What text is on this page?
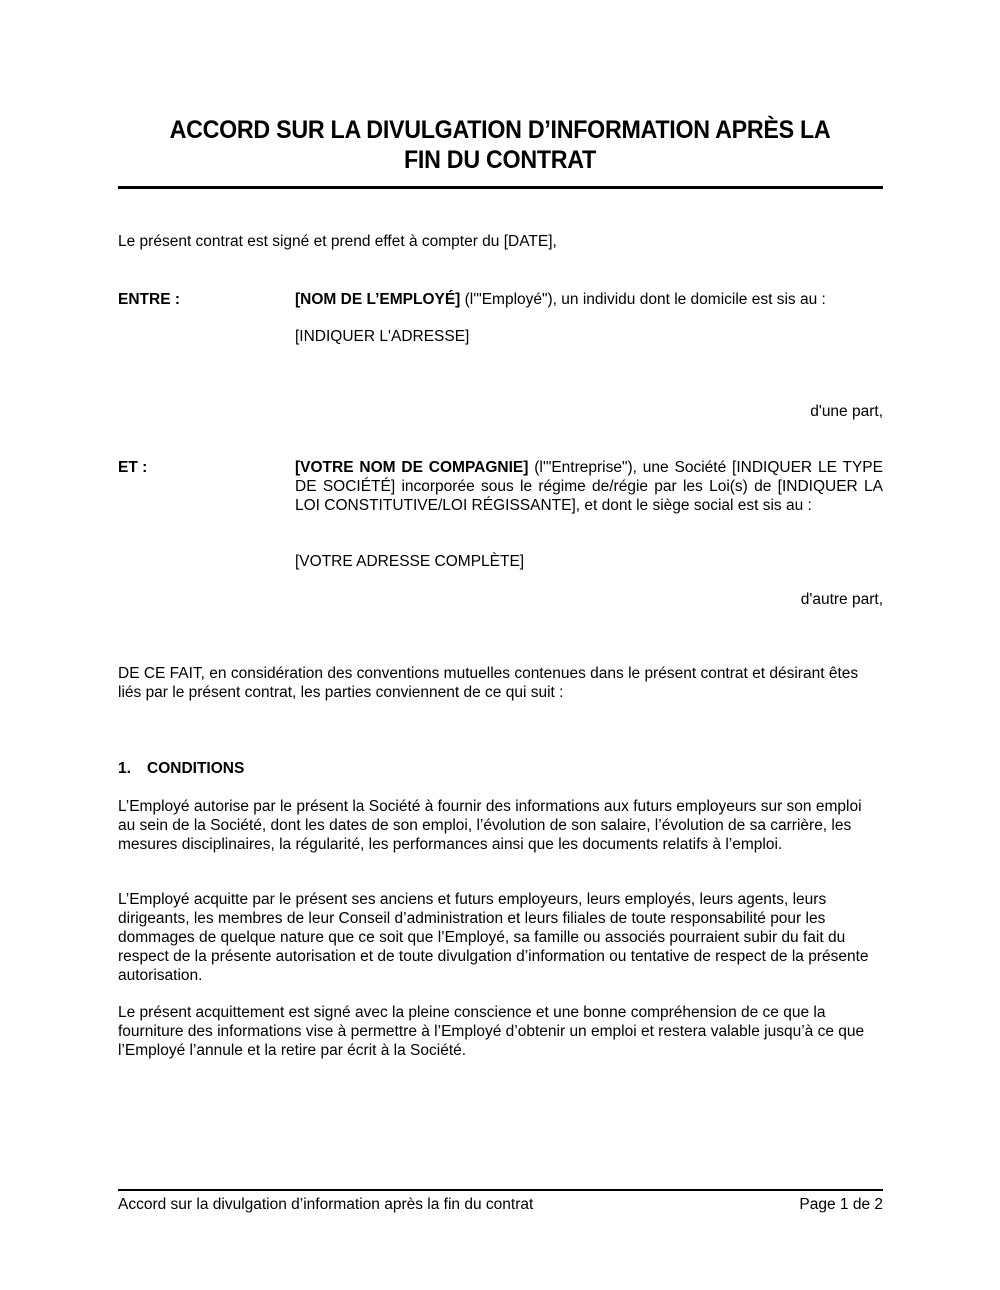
ACCORD SUR LA DIVULGATION D’INFORMATION APRÈS LA
FIN DU CONTRAT
Le présent contrat est signé et prend effet à compter du [DATE],
ENTRE :	[NOM DE L’EMPLOYÉ] (l'"Employé"), un individu dont le domicile est sis au :
[INDIQUER L'ADRESSE]
d'une part,
ET :	[VOTRE NOM DE COMPAGNIE] (l'"Entreprise"), une Société [INDIQUER LE TYPE DE SOCIÉTÉ] incorporée sous le régime de/régie par les Loi(s) de [INDIQUER LA LOI CONSTITUTIVE/LOI RÉGISSANTE], et dont le siège social est sis au :
[VOTRE ADRESSE COMPLÈTE]
d'autre part,
DE CE FAIT, en considération des conventions mutuelles contenues dans le présent contrat et désirant êtes liés par le présent contrat, les parties conviennent de ce qui suit :
1. CONDITIONS
L’Employé autorise par le présent la Société à fournir des informations aux futurs employeurs sur son emploi au sein de la Société, dont les dates de son emploi, l’évolution de son salaire, l’évolution de sa carrière, les mesures disciplinaires, la régularité, les performances ainsi que les documents relatifs à l’emploi.
L’Employé acquitte par le présent ses anciens et futurs employeurs, leurs employés, leurs agents, leurs dirigeants, les membres de leur Conseil d’administration et leurs filiales de toute responsabilité pour les dommages de quelque nature que ce soit que l’Employé, sa famille ou associés pourraient subir du fait du respect de la présente autorisation et de toute divulgation d’information ou tentative de respect de la présente autorisation.
Le présent acquittement est signé avec la pleine conscience et une bonne compréhension de ce que la fourniture des informations vise à permettre à l’Employé d’obtenir un emploi et restera valable jusqu’à ce que l’Employé l’annule et la retire par écrit à la Société.
Accord sur la divulgation d’information après la fin du contrat	Page 1 de 2
